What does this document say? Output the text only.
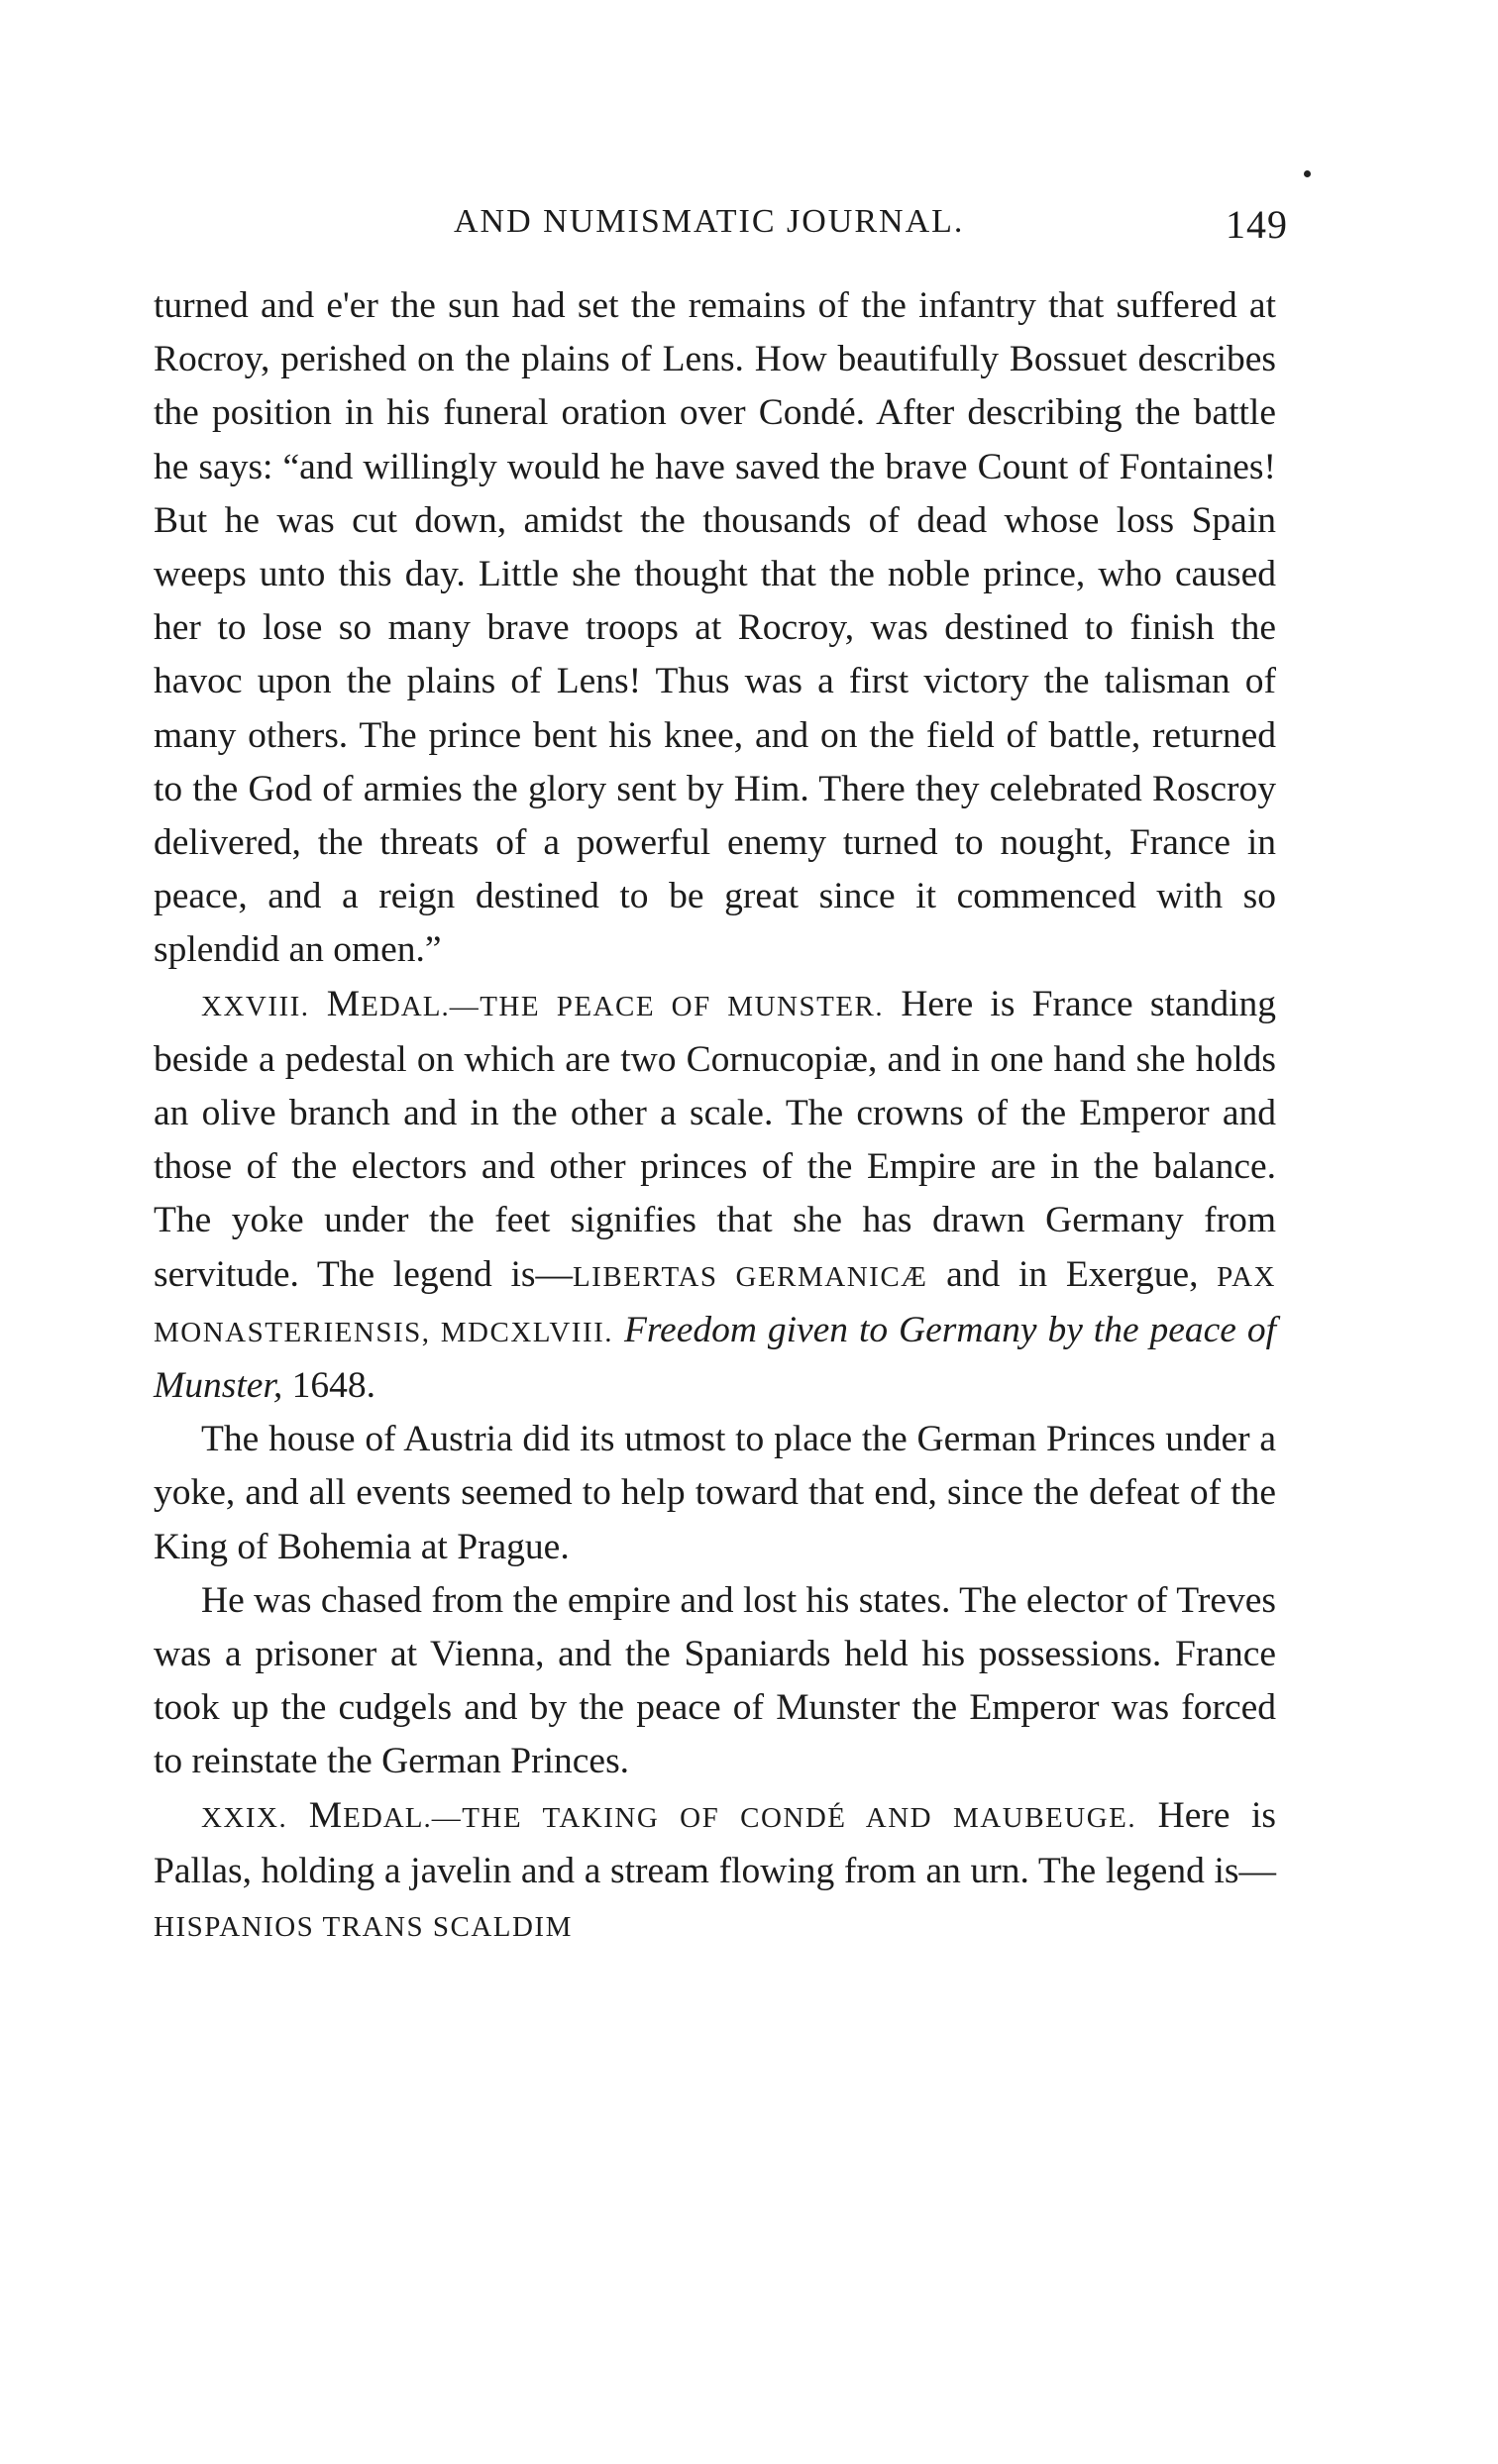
AND NUMISMATIC JOURNAL.	149

turned and e'er the sun had set the remains of the infantry that suffered at Rocroy, perished on the plains of Lens. How beautifully Bossuet describes the position in his funeral oration over Condé. After describing the battle he says: “and willingly would he have saved the brave Count of Fontaines! But he was cut down, amidst the thousands of dead whose loss Spain weeps unto this day. Little she thought that the noble prince, who caused her to lose so many brave troops at Rocroy, was destined to finish the havoc upon the plains of Lens! Thus was a first victory the talisman of many others. The prince bent his knee, and on the field of battle, returned to the God of armies the glory sent by Him. There they celebrated Roscroy delivered, the threats of a powerful enemy turned to nought, France in peace, and a reign destined to be great since it commenced with so splendid an omen.”

XXVIII. MEDAL.—THE PEACE OF MUNSTER. Here is France standing beside a pedestal on which are two Cornucopiæ, and in one hand she holds an olive branch and in the other a scale. The crowns of the Emperor and those of the electors and other princes of the Empire are in the balance. The yoke under the feet signifies that she has drawn Germany from servitude. The legend is—LIBERTAS GERMANICÆ and in Exergue, PAX MONASTERIENSIS, MDCXLVIII. Freedom given to Germany by the peace of Munster, 1648.

The house of Austria did its utmost to place the German Princes under a yoke, and all events seemed to help toward that end, since the defeat of the King of Bohemia at Prague.

He was chased from the empire and lost his states. The elector of Treves was a prisoner at Vienna, and the Spaniards held his possessions. France took up the cudgels and by the peace of Munster the Emperor was forced to reinstate the German Princes.

XXIX. MEDAL.—THE TAKING OF CONDÉ AND MAUBEUGE. Here is Pallas, holding a javelin and a stream flowing from an urn. The legend is—HISPANIOS TRANS SCALDIM
